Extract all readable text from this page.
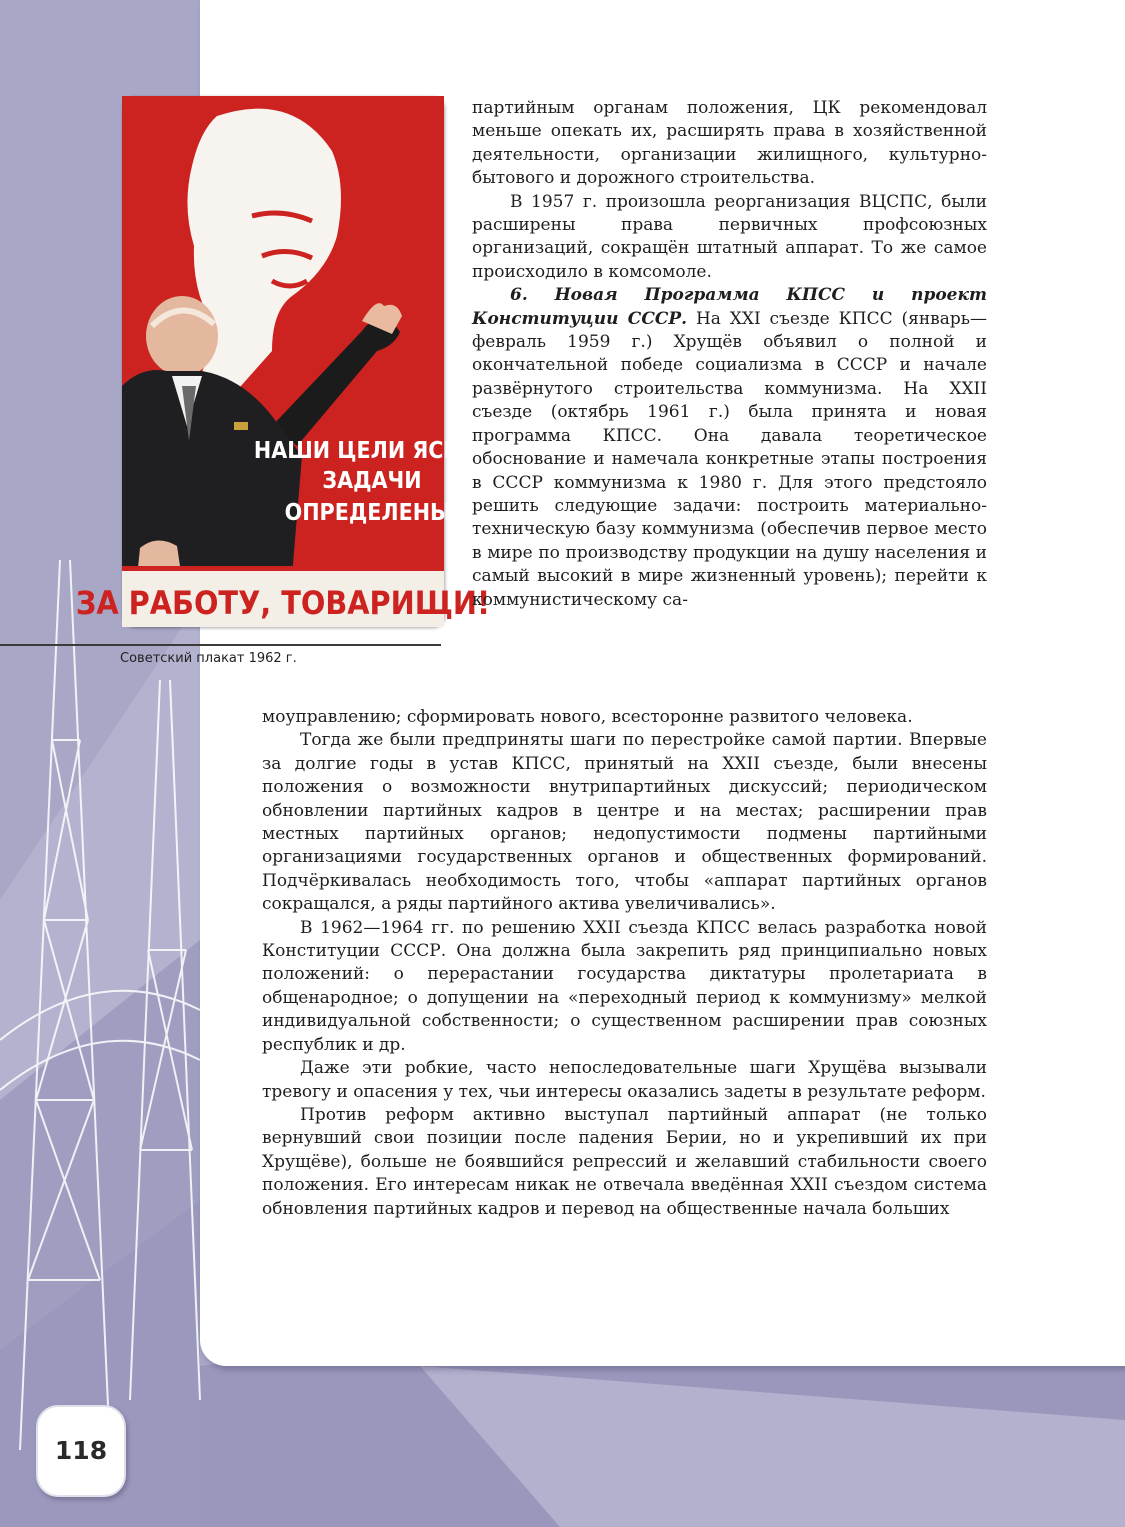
НАШИ ЦЕЛИ ЯСНЫ,
ЗАДАЧИ
ОПРЕДЕЛЕНЫ.
ЗА РАБОТУ, ТОВАРИЩИ!
Советский плакат 1962 г.

партийным органам положения, ЦК рекомендовал меньше опекать их, расширять права в хозяйственной деятельности, организации жилищного, культурно-бытового и дорожного строительства.

В 1957 г. произошла реорганизация ВЦСПС, были расширены права первичных профсоюзных организаций, сокращён штатный аппарат. То же самое происходило в комсомоле.

6. Новая Программа КПСС и проект Конституции СССР. На XXI съезде КПСС (январь—февраль 1959 г.) Хрущёв объявил о полной и окончательной победе социализма в СССР и начале развёрнутого строительства коммунизма. На XXII съезде (октябрь 1961 г.) была принята и новая программа КПСС. Она давала теоретическое обоснование и намечала конкретные этапы построения в СССР коммунизма к 1980 г. Для этого предстояло решить следующие задачи: построить материально-техническую базу коммунизма (обеспечив первое место в мире по производству продукции на душу населения и самый высокий в мире жизненный уровень); перейти к коммунистическому са-

моуправлению; сформировать нового, всесторонне развитого человека.

Тогда же были предприняты шаги по перестройке самой партии. Впервые за долгие годы в устав КПСС, принятый на XXII съезде, были внесены положения о возможности внутрипартийных дискуссий; периодическом обновлении партийных кадров в центре и на местах; расширении прав местных партийных органов; недопустимости подмены партийными организациями государственных органов и общественных формирований. Подчёркивалась необходимость того, чтобы «аппарат партийных органов сокращался, а ряды партийного актива увеличивались».

В 1962—1964 гг. по решению XXII съезда КПСС велась разработка новой Конституции СССР. Она должна была закрепить ряд принципиально новых положений: о перерастании государства диктатуры пролетариата в общенародное; о допущении на «переходный период к коммунизму» мелкой индивидуальной собственности; о существенном расширении прав союзных республик и др.

Даже эти робкие, часто непоследовательные шаги Хрущёва вызывали тревогу и опасения у тех, чьи интересы оказались задеты в результате реформ.

Против реформ активно выступал партийный аппарат (не только вернувший свои позиции после падения Берии, но и укрепивший их при Хрущёве), больше не боявшийся репрессий и желавший стабильности своего положения. Его интересам никак не отвечала введённая XXII съездом система обновления партийных кадров и перевод на общественные начала больших

118
